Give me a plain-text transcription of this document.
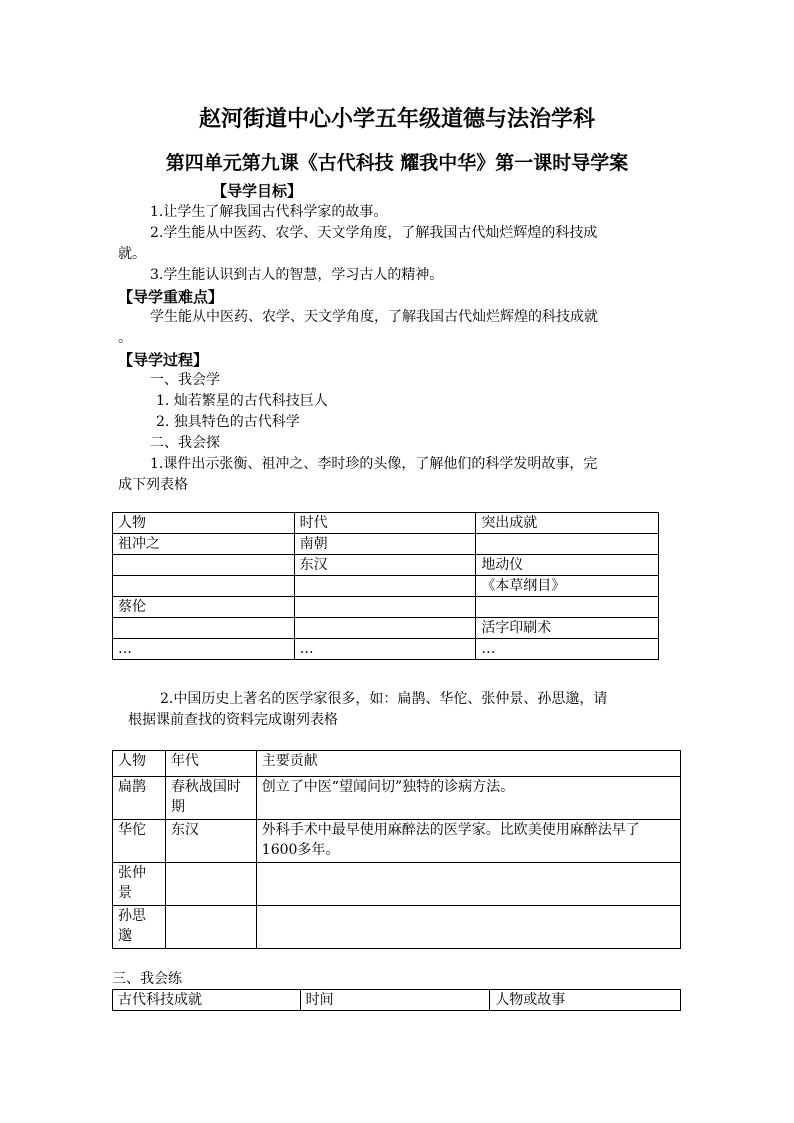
赵河街道中心小学五年级道德与法治学科
第四单元第九课《古代科技 耀我中华》第一课时导学案
【导学目标】
1.让学生了解我国古代科学家的故事。
2.学生能从中医药、农学、天文学角度，了解我国古代灿烂辉煌的科技成
就。
3.学生能认识到古人的智慧，学习古人的精神。
【导学重难点】
学生能从中医药、农学、天文学角度，了解我国古代灿烂辉煌的科技成就
。
【导学过程】
一、我会学
1. 灿若繁星的古代科技巨人
2. 独具特色的古代科学
二、我会探
1.课件出示张衡、祖冲之、李时珍的头像，了解他们的科学发明故事，完
成下列表格
人物	时代	突出成就
祖冲之	南朝	
	东汉	地动仪
		《本草纲目》
蔡伦		
		活字印刷术
…	…	…
2.中国历史上著名的医学家很多，如：扁鹊、华佗、张仲景、孙思邈，请
根据课前查找的资料完成谢列表格
人物	年代	主要贡献
扁鹊	春秋战国时期	创立了中医“望闻问切”独特的诊病方法。
华佗	东汉	外科手术中最早使用麻醉法的医学家。比欧美使用麻醉法早了1600多年。
张仲景		
孙思邈		
三、我会练
古代科技成就	时间	人物或故事
